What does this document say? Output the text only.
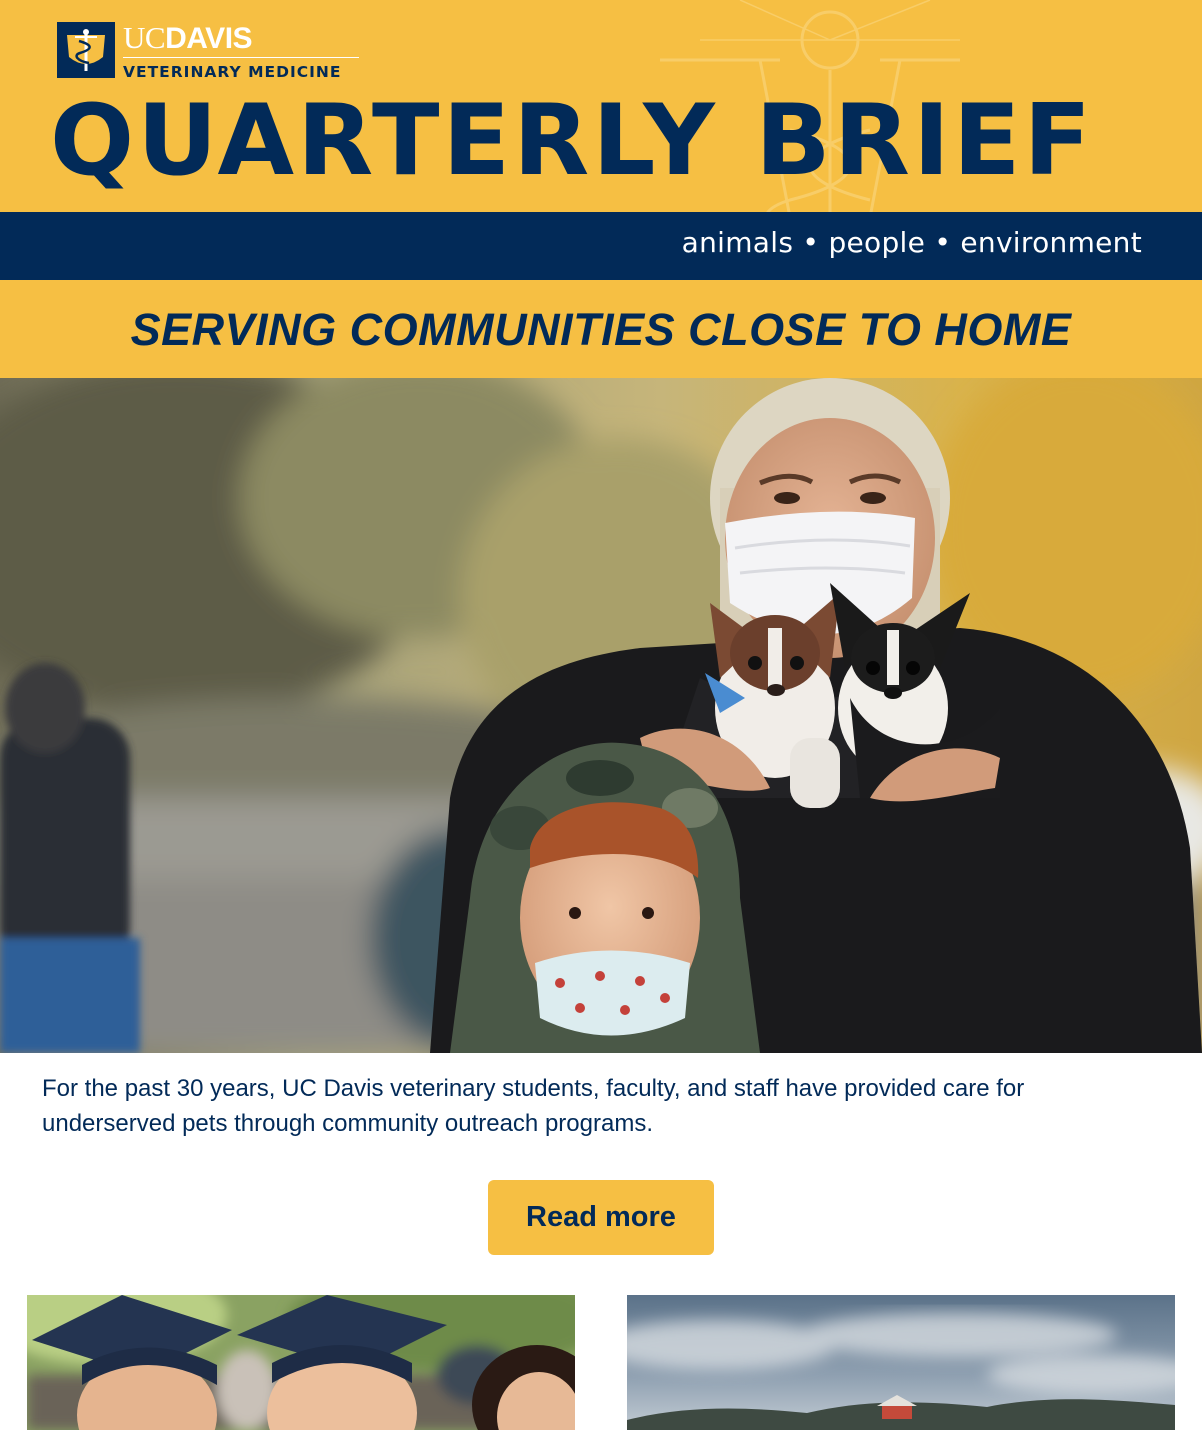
UCDAVIS
VETERINARY MEDICINE
QUARTERLY BRIEF
animals • people • environment
SERVING COMMUNITIES CLOSE TO HOME

For the past 30 years, UC Davis veterinary students, faculty, and staff have provided care for underserved pets through community outreach programs.

Read more
